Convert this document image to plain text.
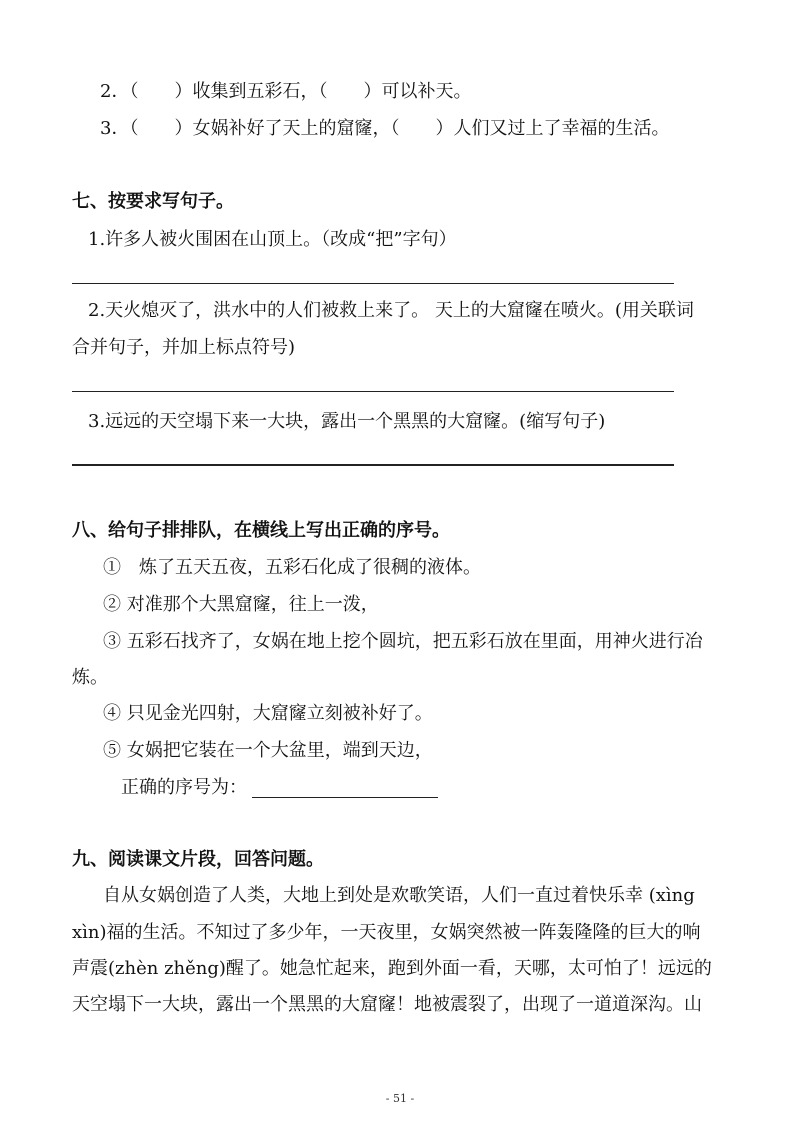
2．（　　）收集到五彩石，（　　）可以补天。
3．（　　）女娲补好了天上的窟窿，（　　）人们又过上了幸福的生活。
七、按要求写句子。
1.许多人被火围困在山顶上。（改成“把”字句）
2.天火熄灭了，洪水中的人们被救上来了。 天上的大窟窿在喷火。(用关联词
合并句子，并加上标点符号)
3.远远的天空塌下来一大块，露出一个黑黑的大窟窿。(缩写句子)
八、给句子排排队，在横线上写出正确的序号。
①　炼了五天五夜，五彩石化成了很稠的液体。
② 对准那个大黑窟窿，往上一泼，
③ 五彩石找齐了，女娲在地上挖个圆坑，把五彩石放在里面，用神火进行冶
炼。
④ 只见金光四射，大窟窿立刻被补好了。
⑤ 女娲把它装在一个大盆里，端到天边，
正确的序号为：
九、阅读课文片段，回答问题。
自从女娲创造了人类，大地上到处是欢歌笑语，人们一直过着快乐幸 (xìng
xìn)福的生活。不知过了多少年，一天夜里，女娲突然被一阵轰隆隆的巨大的响
声震(zhèn zhěng)醒了。她急忙起来，跑到外面一看，天哪，太可怕了！远远的
天空塌下一大块，露出一个黑黑的大窟窿！地被震裂了，出现了一道道深沟。山
- 51 -
